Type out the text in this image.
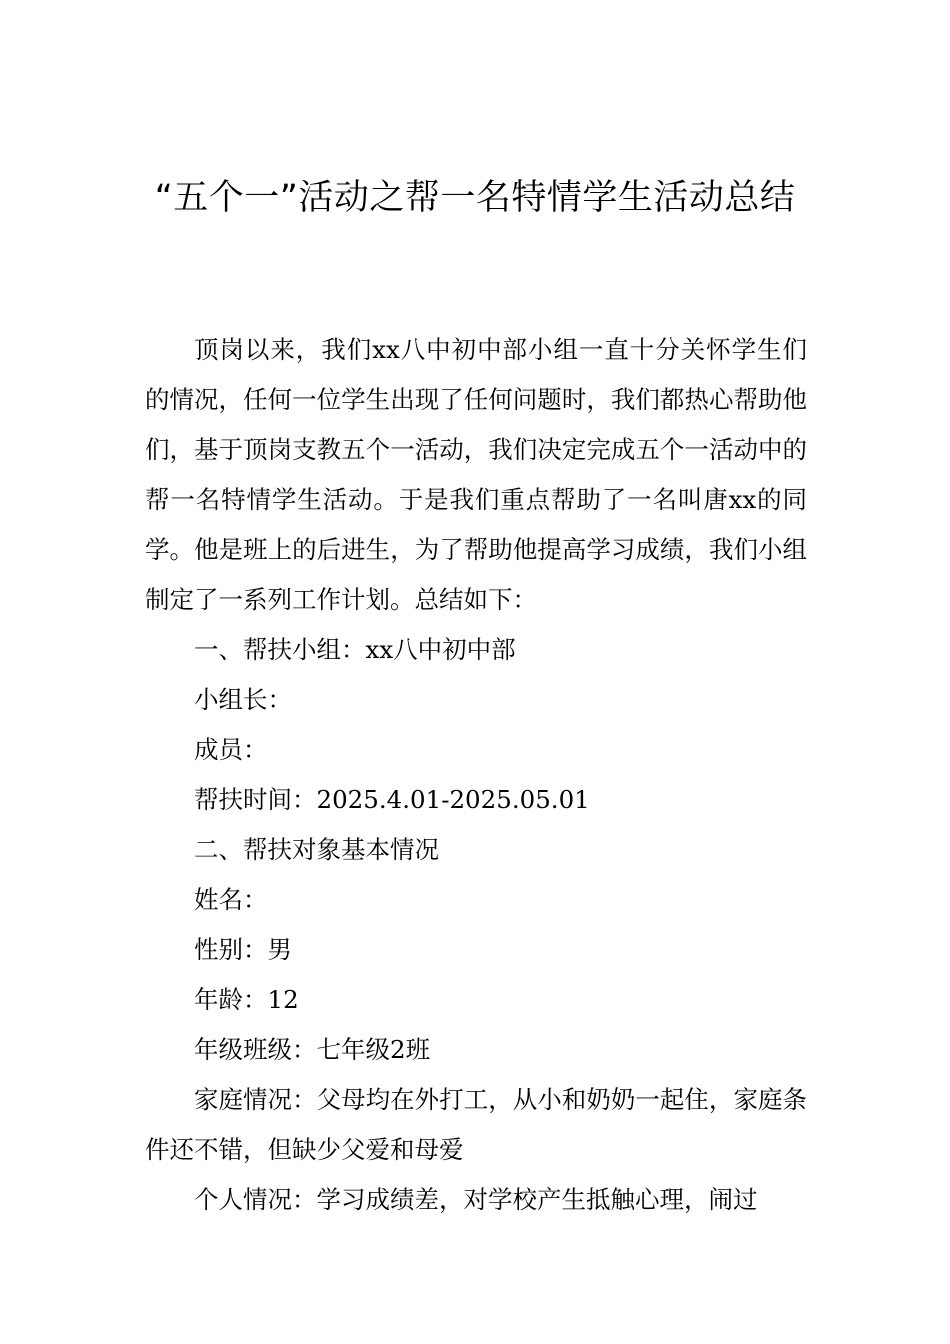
“五个一”活动之帮一名特情学生活动总结

顶岗以来，我们xx八中初中部小组一直十分关怀学生们的情况，任何一位学生出现了任何问题时，我们都热心帮助他们，基于顶岗支教五个一活动，我们决定完成五个一活动中的帮一名特情学生活动。于是我们重点帮助了一名叫唐xx的同学。他是班上的后进生，为了帮助他提高学习成绩，我们小组制定了一系列工作计划。总结如下：

一、帮扶小组：xx八中初中部

小组长：

成员：

帮扶时间：2025.4.01-2025.05.01

二、帮扶对象基本情况

姓名：

性别：男

年龄：12

年级班级：七年级2班

家庭情况：父母均在外打工，从小和奶奶一起住，家庭条件还不错，但缺少父爱和母爱

个人情况：学习成绩差，对学校产生抵触心理，闹过
